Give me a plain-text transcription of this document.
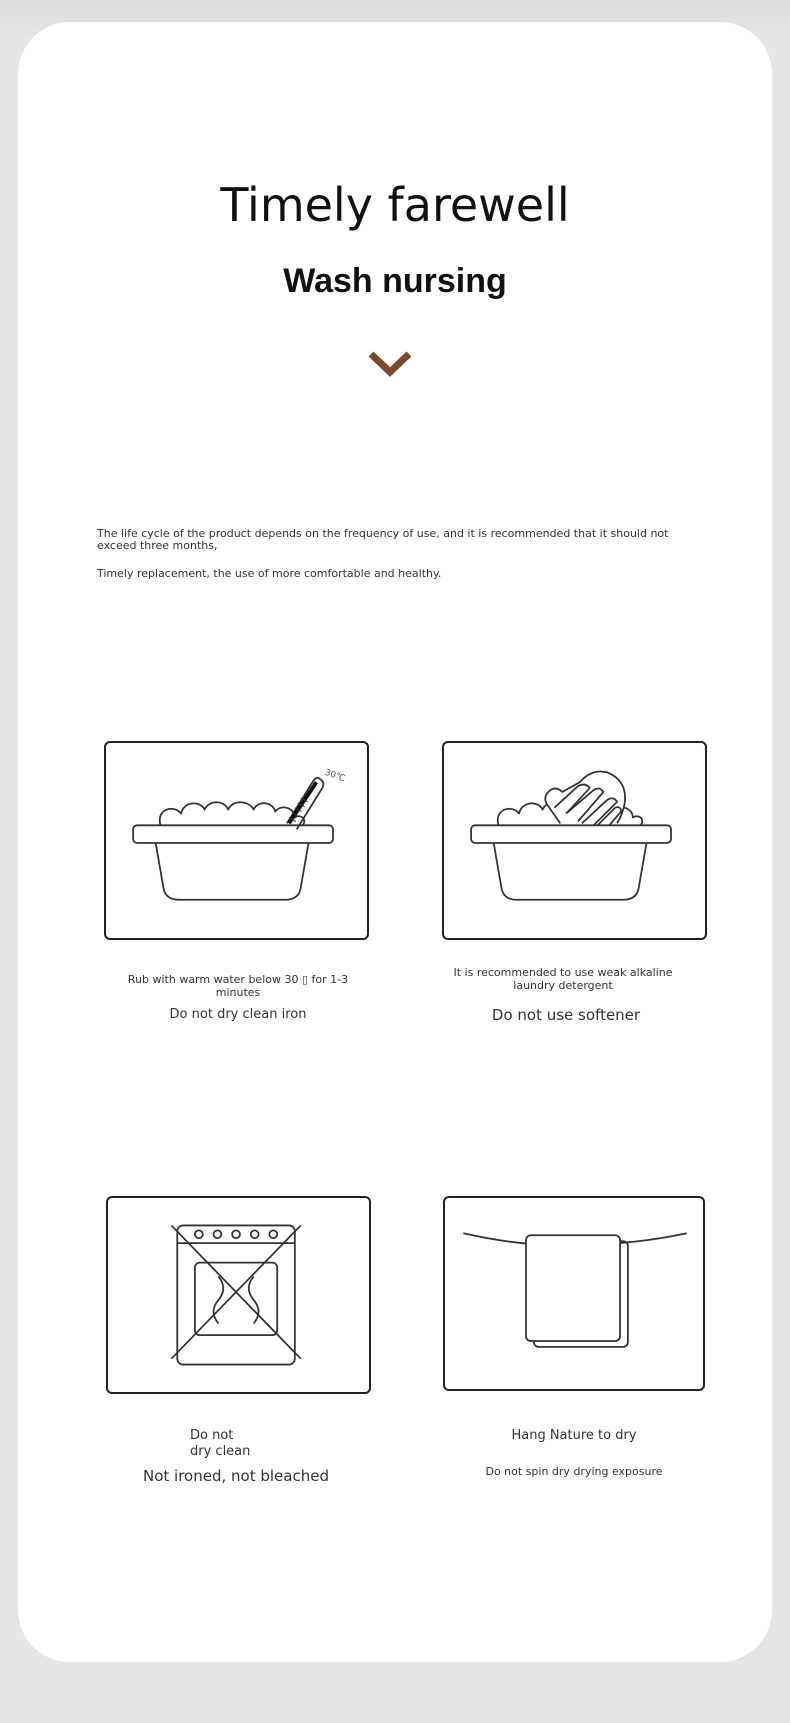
Timely farewell
Wash nursing

The life cycle of the product depends on the frequency of use, and it is recommended that it should not exceed three months,

Timely replacement, the use of more comfortable and healthy.

30℃

Rub with warm water below 30 ▯ for 1-3 minutes

Do not dry clean iron

It is recommended to use weak alkaline laundry detergent

Do not use softener

Do not dry clean

Not ironed, not bleached

Hang Nature to dry

Do not spin dry drying exposure
